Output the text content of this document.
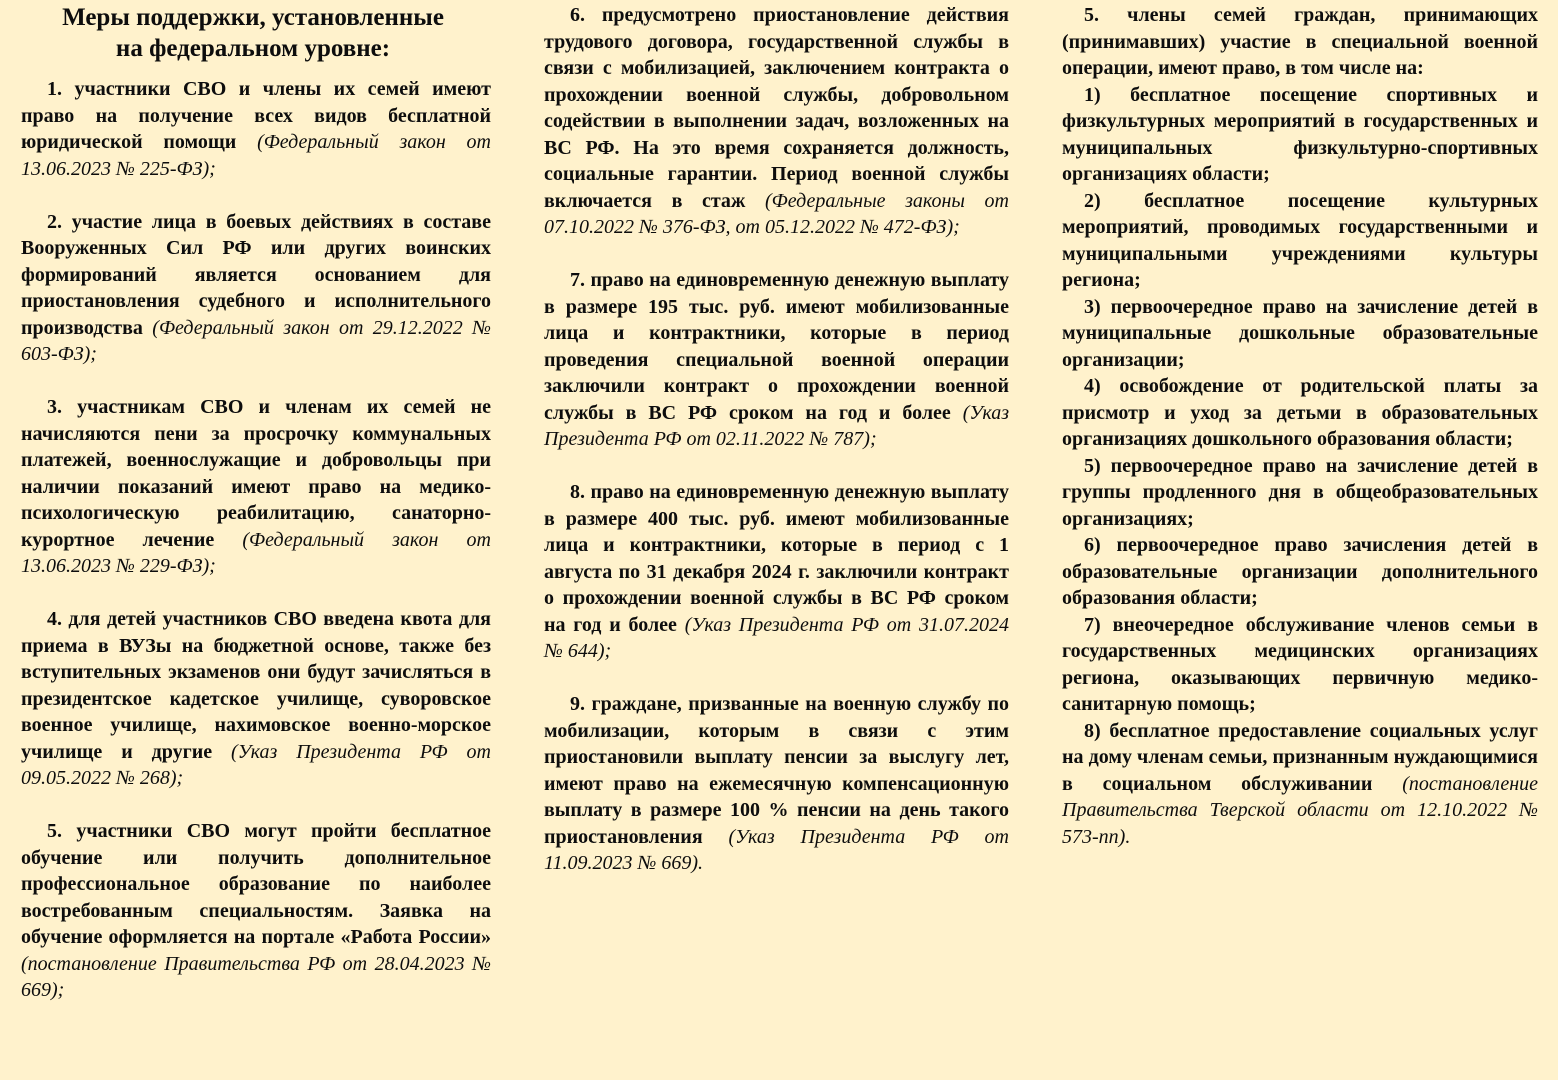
Меры поддержки, установленные
на федеральном уровне:

1. участники СВО и члены их семей имеют право на получение всех видов бесплатной юридической помощи (Федеральный закон от 13.06.2023 № 225-ФЗ);

2. участие лица в боевых действиях в составе Вооруженных Сил РФ или других воинских формирований является основанием для приостановления судебного и исполнительного производства (Федеральный закон от 29.12.2022 № 603-ФЗ);

3. участникам СВО и членам их семей не начисляются пени за просрочку коммунальных платежей, военнослужащие и добровольцы при наличии показаний имеют право на медико-психологическую реабилитацию, санаторно-курортное лечение (Федеральный закон от 13.06.2023 № 229-ФЗ);

4. для детей участников СВО введена квота для приема в ВУЗы на бюджетной основе, также без вступительных экзаменов они будут зачисляться в президентское кадетское училище, суворовское военное училище, нахимовское военно-морское училище и другие (Указ Президента РФ от 09.05.2022 № 268);

5. участники СВО могут пройти бесплатное обучение или получить дополнительное профессиональное образование по наиболее востребованным специальностям. Заявка на обучение оформляется на портале «Работа России» (постановление Правительства РФ от 28.04.2023 № 669);

6. предусмотрено приостановление действия трудового договора, государственной службы в связи с мобилизацией, заключением контракта о прохождении военной службы, добровольном содействии в выполнении задач, возложенных на ВС РФ. На это время сохраняется должность, социальные гарантии. Период военной службы включается в стаж (Федеральные законы от 07.10.2022 № 376-ФЗ, от 05.12.2022 № 472-ФЗ);

7. право на единовременную денежную выплату в размере 195 тыс. руб. имеют мобилизованные лица и контрактники, которые в период проведения специальной военной операции заключили контракт о прохождении военной службы в ВС РФ сроком на год и более (Указ Президента РФ от 02.11.2022 № 787);

8. право на единовременную денежную выплату в размере 400 тыс. руб. имеют мобилизованные лица и контрактники, которые в период с 1 августа по 31 декабря 2024 г. заключили контракт о прохождении военной службы в ВС РФ сроком на год и более (Указ Президента РФ от 31.07.2024 № 644);

9. граждане, призванные на военную службу по мобилизации, которым в связи с этим приостановили выплату пенсии за выслугу лет, имеют право на ежемесячную компенсационную выплату в размере 100 % пенсии на день такого приостановления (Указ Президента РФ от 11.09.2023 № 669).

5. члены семей граждан, принимающих (принимавших) участие в специальной военной операции, имеют право, в том числе на:

1) бесплатное посещение спортивных и физкультурных мероприятий в государственных и муниципальных физкультурно-спортивных организациях области;

2) бесплатное посещение культурных мероприятий, проводимых государственными и муниципальными учреждениями культуры региона;

3) первоочередное право на зачисление детей в муниципальные дошкольные образовательные организации;

4) освобождение от родительской платы за присмотр и уход за детьми в образовательных организациях дошкольного образования области;

5) первоочередное право на зачисление детей в группы продленного дня в общеобразовательных организациях;

6) первоочередное право зачисления детей в образовательные организации дополнительного образования области;

7) внеочередное обслуживание членов семьи в государственных медицинских организациях региона, оказывающих первичную медико-санитарную помощь;

8) бесплатное предоставление социальных услуг на дому членам семьи, признанным нуждающимися в социальном обслуживании (постановление Правительства Тверской области от 12.10.2022 № 573-пп).
